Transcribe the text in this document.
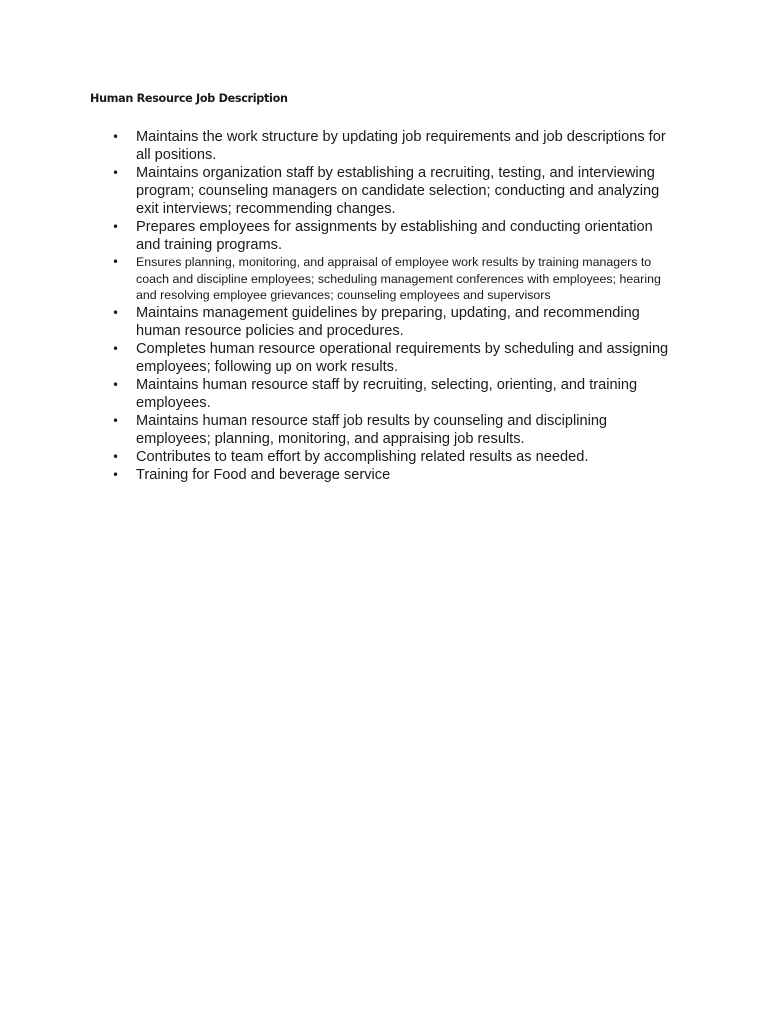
Human Resource Job Description
• Maintains the work structure by updating job requirements and job descriptions for all positions.
• Maintains organization staff by establishing a recruiting, testing, and interviewing program; counseling managers on candidate selection; conducting and analyzing exit interviews; recommending changes.
• Prepares employees for assignments by establishing and conducting orientation and training programs.
• Ensures planning, monitoring, and appraisal of employee work results by training managers to coach and discipline employees; scheduling management conferences with employees; hearing and resolving employee grievances; counseling employees and supervisors
• Maintains management guidelines by preparing, updating, and recommending human resource policies and procedures.
• Completes human resource operational requirements by scheduling and assigning employees; following up on work results.
• Maintains human resource staff by recruiting, selecting, orienting, and training employees.
• Maintains human resource staff job results by counseling and disciplining employees; planning, monitoring, and appraising job results.
• Contributes to team effort by accomplishing related results as needed.
• Training for Food and beverage service
